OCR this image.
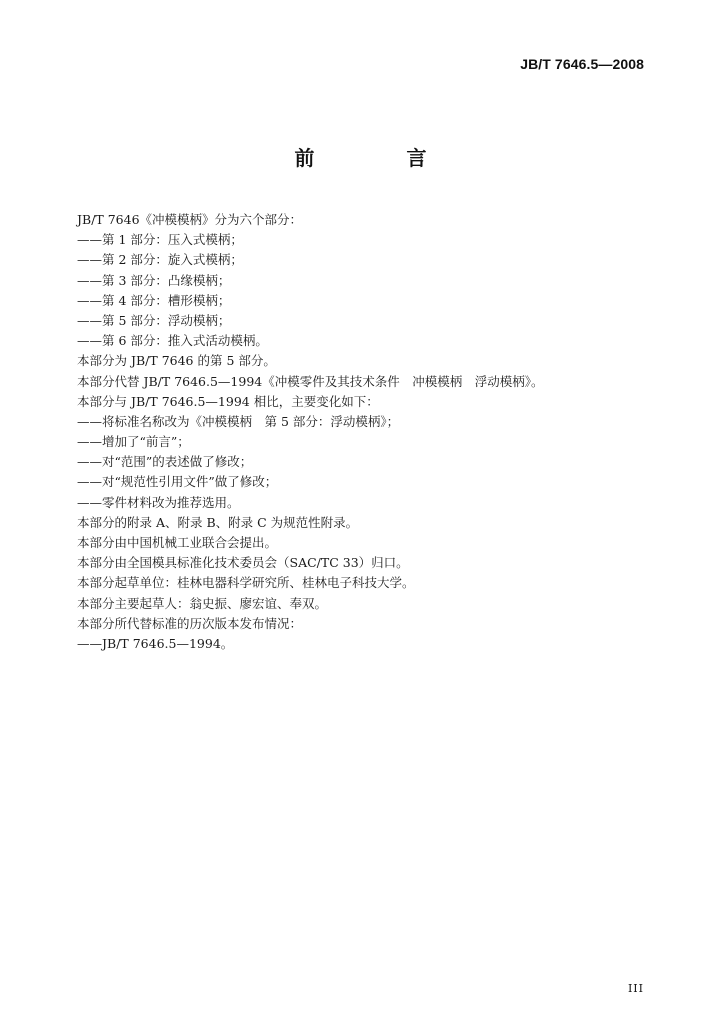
JB/T 7646.5—2008
前　言
JB/T 7646《冲模模柄》分为六个部分：
——第 1 部分：压入式模柄；
——第 2 部分：旋入式模柄；
——第 3 部分：凸缘模柄；
——第 4 部分：槽形模柄；
——第 5 部分：浮动模柄；
——第 6 部分：推入式活动模柄。
本部分为 JB/T 7646 的第 5 部分。
本部分代替 JB/T 7646.5—1994《冲模零件及其技术条件　冲模模柄　浮动模柄》。
本部分与 JB/T 7646.5—1994 相比，主要变化如下：
——将标准名称改为《冲模模柄　第 5 部分：浮动模柄》；
——增加了“前言”；
——对“范围”的表述做了修改；
——对“规范性引用文件”做了修改；
——零件材料改为推荐选用。
本部分的附录 A、附录 B、附录 C 为规范性附录。
本部分由中国机械工业联合会提出。
本部分由全国模具标准化技术委员会（SAC/TC 33）归口。
本部分起草单位：桂林电器科学研究所、桂林电子科技大学。
本部分主要起草人：翁史振、廖宏谊、奉双。
本部分所代替标准的历次版本发布情况：
——JB/T 7646.5—1994。
III
